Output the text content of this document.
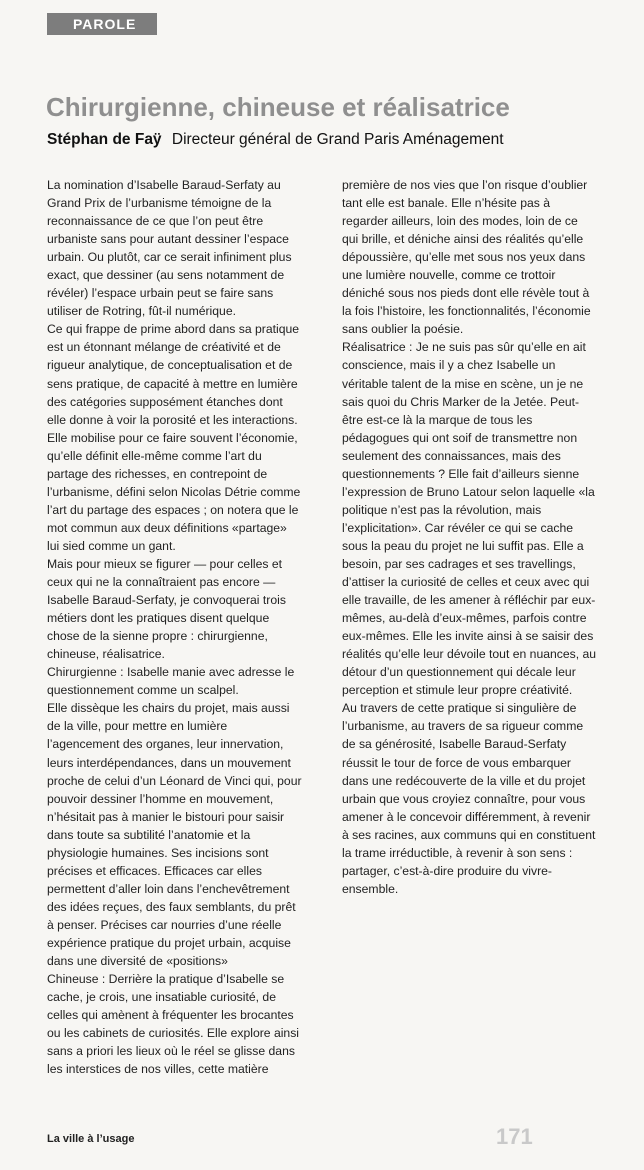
PAROLE
Chirurgienne, chineuse et réalisatrice
Stéphan de Faÿ Directeur général de Grand Paris Aménagement

La nomination d’Isabelle Baraud-Serfaty au Grand Prix de l’urbanisme témoigne de la reconnaissance de ce que l’on peut être urbaniste sans pour autant dessiner l’espace urbain. Ou plutôt, car ce serait infiniment plus exact, que dessiner (au sens notamment de révéler) l’espace urbain peut se faire sans utiliser de Rotring, fût-il numérique.

Ce qui frappe de prime abord dans sa pratique est un étonnant mélange de créativité et de rigueur analytique, de conceptualisation et de sens pratique, de capacité à mettre en lumière des catégories supposément étanches dont elle donne à voir la porosité et les interactions.

Elle mobilise pour ce faire souvent l’économie, qu’elle définit elle-même comme l’art du partage des richesses, en contrepoint de l’urbanisme, défini selon Nicolas Détrie comme l’art du partage des espaces ; on notera que le mot commun aux deux définitions «partage» lui sied comme un gant.

Mais pour mieux se figurer — pour celles et ceux qui ne la connaîtraient pas encore — Isabelle Baraud-Serfaty, je convoquerai trois métiers dont les pratiques disent quelque chose de la sienne propre : chirurgienne, chineuse, réalisatrice.

Chirurgienne : Isabelle manie avec adresse le questionnement comme un scalpel.

Elle dissèque les chairs du projet, mais aussi de la ville, pour mettre en lumière l’agencement des organes, leur innervation, leurs interdépendances, dans un mouvement proche de celui d’un Léonard de Vinci qui, pour pouvoir dessiner l’homme en mouvement, n’hésitait pas à manier le bistouri pour saisir dans toute sa subtilité l’anatomie et la physiologie humaines. Ses incisions sont précises et efficaces. Efficaces car elles permettent d’aller loin dans l’enchevêtrement des idées reçues, des faux semblants, du prêt à penser. Précises car nourries d’une réelle expérience pratique du projet urbain, acquise dans une diversité de «positions»

Chineuse : Derrière la pratique d’Isabelle se cache, je crois, une insatiable curiosité, de celles qui amènent à fréquenter les brocantes ou les cabinets de curiosités. Elle explore ainsi sans a priori les lieux où le réel se glisse dans les interstices de nos villes, cette matière

première de nos vies que l’on risque d’oublier tant elle est banale. Elle n’hésite pas à regarder ailleurs, loin des modes, loin de ce qui brille, et déniche ainsi des réalités qu’elle dépoussière, qu’elle met sous nos yeux dans une lumière nouvelle, comme ce trottoir déniché sous nos pieds dont elle révèle tout à la fois l’histoire, les fonctionnalités, l’économie sans oublier la poésie.

Réalisatrice : Je ne suis pas sûr qu’elle en ait conscience, mais il y a chez Isabelle un véritable talent de la mise en scène, un je ne sais quoi du Chris Marker de la Jetée. Peut-être est-ce là la marque de tous les pédagogues qui ont soif de transmettre non seulement des connaissances, mais des questionnements ? Elle fait d’ailleurs sienne l’expression de Bruno Latour selon laquelle «la politique n’est pas la révolution, mais l’explicitation». Car révéler ce qui se cache sous la peau du projet ne lui suffit pas. Elle a besoin, par ses cadrages et ses travellings, d’attiser la curiosité de celles et ceux avec qui elle travaille, de les amener à réfléchir par eux-mêmes, au-delà d’eux-mêmes, parfois contre eux-mêmes. Elle les invite ainsi à se saisir des réalités qu’elle leur dévoile tout en nuances, au détour d’un questionnement qui décale leur perception et stimule leur propre créativité.

Au travers de cette pratique si singulière de l’urbanisme, au travers de sa rigueur comme de sa générosité, Isabelle Baraud-Serfaty réussit le tour de force de vous embarquer dans une redécouverte de la ville et du projet urbain que vous croyiez connaître, pour vous amener à le concevoir différemment, à revenir à ses racines, aux communs qui en constituent la trame irréductible, à revenir à son sens : partager, c’est-à-dire produire du vivre-ensemble.

La ville à l’usage	171
